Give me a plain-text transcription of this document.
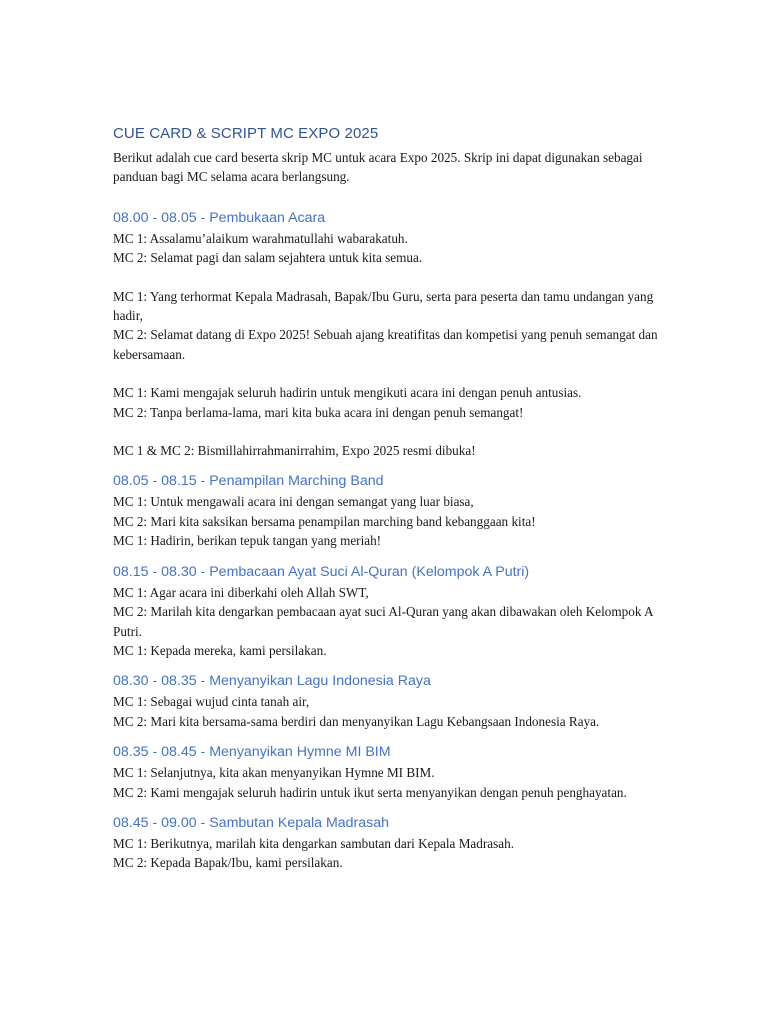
CUE CARD & SCRIPT MC EXPO 2025

Berikut adalah cue card beserta skrip MC untuk acara Expo 2025. Skrip ini dapat digunakan sebagai panduan bagi MC selama acara berlangsung.

08.00 - 08.05 - Pembukaan Acara

MC 1: Assalamu’alaikum warahmatullahi wabarakatuh.

MC 2: Selamat pagi dan salam sejahtera untuk kita semua.

MC 1: Yang terhormat Kepala Madrasah, Bapak/Ibu Guru, serta para peserta dan tamu undangan yang hadir,

MC 2: Selamat datang di Expo 2025! Sebuah ajang kreatifitas dan kompetisi yang penuh semangat dan kebersamaan.

MC 1: Kami mengajak seluruh hadirin untuk mengikuti acara ini dengan penuh antusias.

MC 2: Tanpa berlama-lama, mari kita buka acara ini dengan penuh semangat!

MC 1 & MC 2: Bismillahirrahmanirrahim, Expo 2025 resmi dibuka!

08.05 - 08.15 - Penampilan Marching Band

MC 1: Untuk mengawali acara ini dengan semangat yang luar biasa,

MC 2: Mari kita saksikan bersama penampilan marching band kebanggaan kita!

MC 1: Hadirin, berikan tepuk tangan yang meriah!

08.15 - 08.30 - Pembacaan Ayat Suci Al-Quran (Kelompok A Putri)

MC 1: Agar acara ini diberkahi oleh Allah SWT,

MC 2: Marilah kita dengarkan pembacaan ayat suci Al-Quran yang akan dibawakan oleh Kelompok A Putri.

MC 1: Kepada mereka, kami persilakan.

08.30 - 08.35 - Menyanyikan Lagu Indonesia Raya

MC 1: Sebagai wujud cinta tanah air,

MC 2: Mari kita bersama-sama berdiri dan menyanyikan Lagu Kebangsaan Indonesia Raya.

08.35 - 08.45 - Menyanyikan Hymne MI BIM

MC 1: Selanjutnya, kita akan menyanyikan Hymne MI BIM.

MC 2: Kami mengajak seluruh hadirin untuk ikut serta menyanyikan dengan penuh penghayatan.

08.45 - 09.00 - Sambutan Kepala Madrasah

MC 1: Berikutnya, marilah kita dengarkan sambutan dari Kepala Madrasah.

MC 2: Kepada Bapak/Ibu, kami persilakan.
